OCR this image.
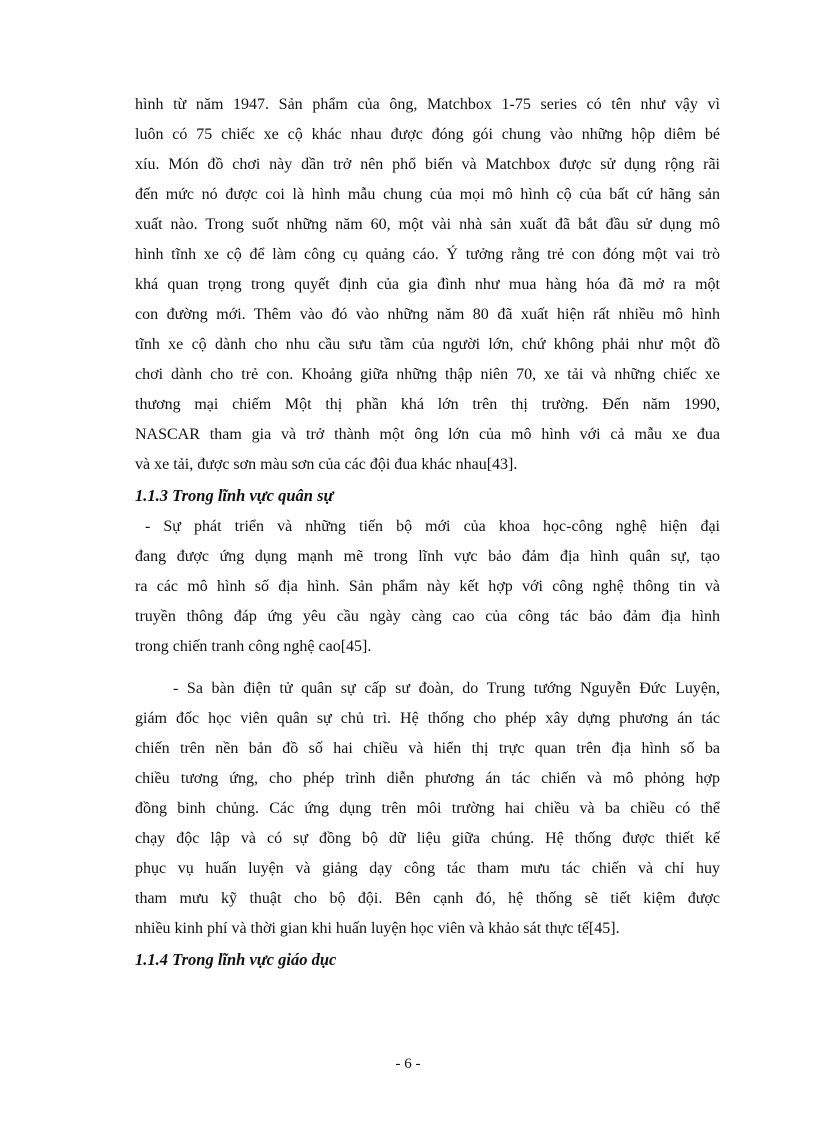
hình từ năm 1947. Sản phẩm của ông, Matchbox 1-75 series có tên như vậy vì
luôn có 75 chiếc xe cộ khác nhau được đóng gói chung vào những hộp diêm bé
xíu. Món đồ chơi này dần trở nên phổ biến và Matchbox được sử dụng rộng rãi
đến mức nó được coi là hình mẫu chung của mọi mô hình cộ của bất cứ hãng sản
xuất nào. Trong suốt những năm 60, một vài nhà sản xuất đã bắt đầu sử dụng mô
hình tĩnh xe cộ để làm công cụ quảng cáo. Ý tưởng rằng trẻ con đóng một vai trò
khá quan trọng trong quyết định của gia đình như mua hàng hóa đã mở ra một
con đường mới. Thêm vào đó vào những năm 80 đã xuất hiện rất nhiều mô hình
tĩnh xe cộ dành cho nhu cầu sưu tầm của người lớn, chứ không phải như một đồ
chơi dành cho trẻ con. Khoảng giữa những thập niên 70, xe tải và những chiếc xe
thương mại chiếm Một thị phần khá lớn trên thị trường. Đến năm 1990,
NASCAR tham gia và trở thành một ông lớn của mô hình với cả mẫu xe đua
và xe tải, được sơn màu sơn của các đội đua khác nhau[43].
1.1.3 Trong lĩnh vực quân sự
- Sự phát triển và những tiến bộ mới của khoa học-công nghệ hiện đại
đang được ứng dụng mạnh mẽ trong lĩnh vực bảo đảm địa hình quân sự, tạo
ra các mô hình số địa hình. Sản phẩm này kết hợp với công nghệ thông tin và
truyền thông đáp ứng yêu cầu ngày càng cao của công tác bảo đảm địa hình
trong chiến tranh công nghệ cao[45].
- Sa bàn điện tử quân sự cấp sư đoàn, do Trung tướng Nguyễn Đức Luyện,
giám đốc học viên quân sự chủ trì. Hệ thống cho phép xây dựng phương án tác
chiến trên nền bản đồ số hai chiều và hiển thị trực quan trên địa hình số ba
chiều tương ứng, cho phép trình diễn phương án tác chiến và mô phỏng hợp
đồng binh chủng. Các ứng dụng trên môi trường hai chiều và ba chiều có thể
chạy độc lập và có sự đồng bộ dữ liệu giữa chúng. Hệ thống được thiết kế
phục vụ huấn luyện và giảng dạy công tác tham mưu tác chiến và chỉ huy
tham mưu kỹ thuật cho bộ đội. Bên cạnh đó, hệ thống sẽ tiết kiệm được
nhiều kinh phí và thời gian khi huấn luyện học viên và khảo sát thực tế[45].
1.1.4 Trong lĩnh vực giáo dục
- 6 -
